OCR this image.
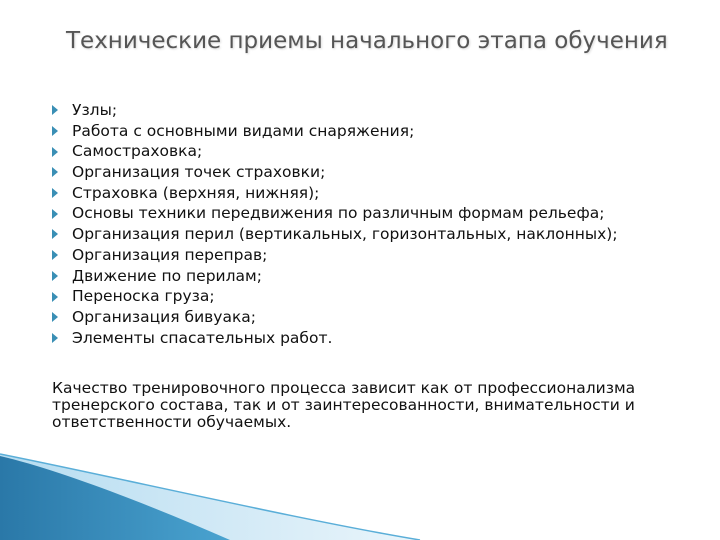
Технические приемы начального этапа обучения
Узлы;
Работа с основными видами снаряжения;
Самостраховка;
Организация точек страховки;
Страховка (верхняя, нижняя);
Основы техники передвижения по различным формам рельефа;
Организация перил (вертикальных, горизонтальных, наклонных);
Организация переправ;
Движение по перилам;
Переноска груза;
Организация бивуака;
Элементы спасательных работ.

Качество тренировочного процесса зависит как от профессионализма тренерского состава, так и от заинтересованности, внимательности и ответственности обучаемых.
